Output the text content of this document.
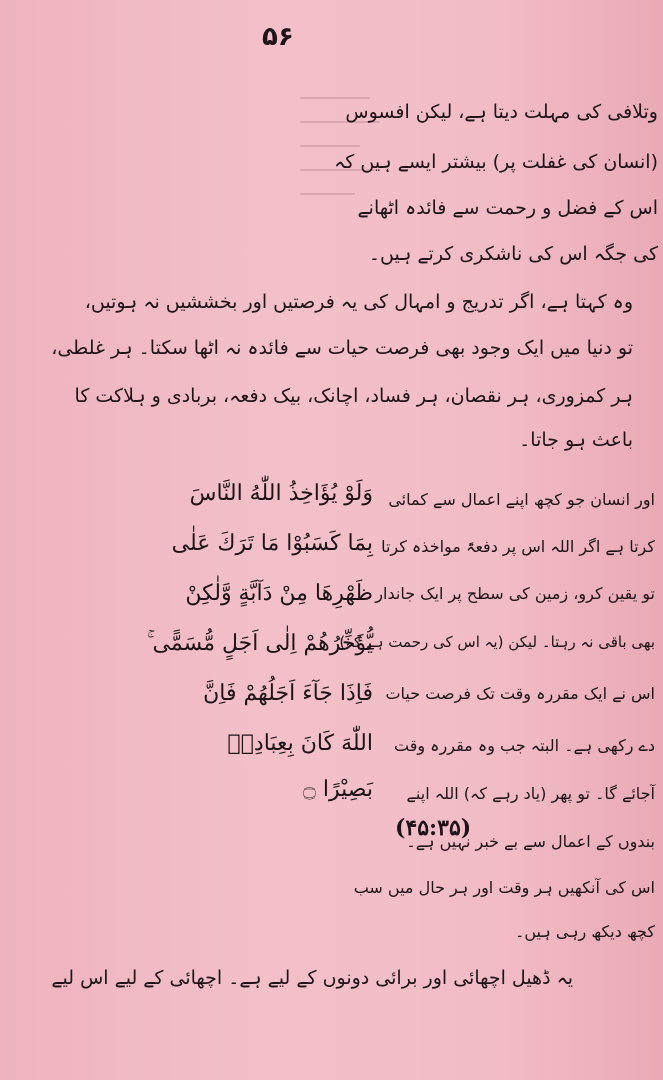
۵۶

وتلافی کی مہلت دیتا ہے، لیکن افسوس

(انسان کی غفلت پر) بیشتر ایسے ہیں کہ

اس کے فضل و رحمت سے فائدہ اٹھانے

کی جگہ اس کی ناشکری کرتے ہیں۔

وہ کہتا ہے، اگر تدریج و امہال کی یہ فرصتیں اور بخششیں نہ ہوتیں،

تو دنیا میں ایک وجود بھی فرصت حیات سے فائدہ نہ اٹھا سکتا۔ ہر غلطی،

ہر کمزوری، ہر نقصان، ہر فساد، اچانک، بیک دفعہ، بربادی و ہلاکت کا

باعث ہو جاتا۔

وَلَوْ يُؤَاخِذُ اللّٰهُ النَّاسَ

بِمَا كَسَبُوْا مَا تَرَكَ عَلٰى

ظَهْرِهَا مِنْ دَآبَّةٍ وَّلٰكِنْ

يُّؤَخِّرُهُمْ اِلٰى اَجَلٍ مُّسَمًّى ۚ

فَاِذَا جَآءَ اَجَلُهُمْ فَاِنَّ

اللّٰهَ كَانَ بِعِبَادِهٖ

بَصِيْرًا ۝

(۴۵:۳۵)

اور انسان جو کچھ اپنے اعمال سے کمائی

کرتا ہے اگر اللہ اس پر دفعۃً مواخذہ کرتا

تو یقین کرو، زمین کی سطح پر ایک جاندار

بھی باقی نہ رہتا۔ لیکن (یہ اس کی رحمت ہے کہ)

اس نے ایک مقررہ وقت تک فرصت حیات

دے رکھی ہے۔ البتہ جب وہ مقررہ وقت

آجائے گا۔ تو پھر (یاد رہے کہ) اللہ اپنے

بندوں کے اعمال سے بے خبر نہیں ہے۔

اس کی آنکھیں ہر وقت اور ہر حال میں سب

کچھ دیکھ رہی ہیں۔

یہ ڈھیل اچھائی اور برائی دونوں کے لیے ہے۔ اچھائی کے لیے اس لیے
